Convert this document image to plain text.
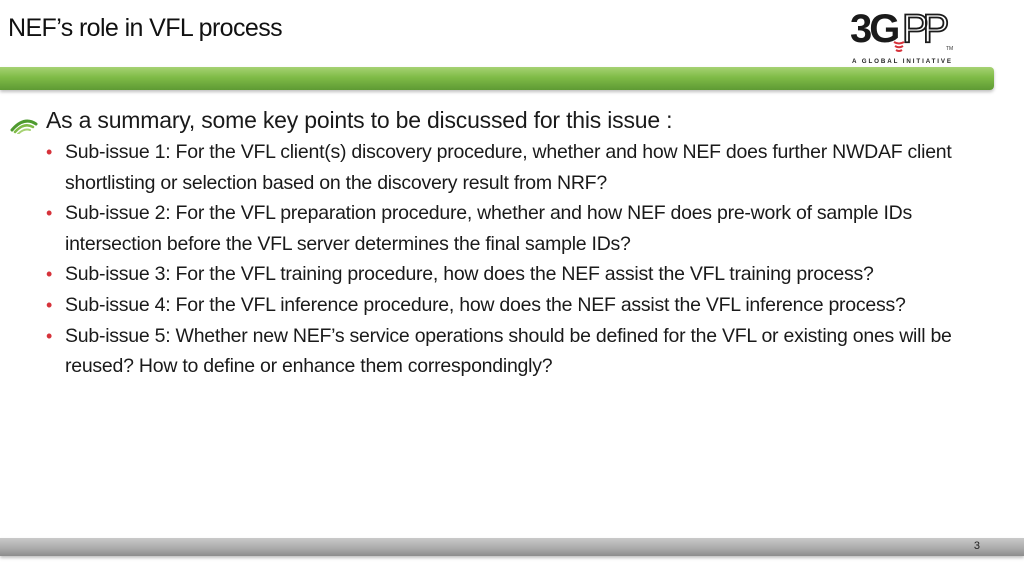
NEF’s role in VFL process	3G PP TM
A GLOBAL INITIATIVE
As a summary, some key points to be discussed for this issue :
• Sub-issue 1: For the VFL client(s) discovery procedure, whether and how NEF does further NWDAF client shortlisting or selection based on the discovery result from NRF?
• Sub-issue 2: For the VFL preparation procedure, whether and how NEF does pre-work of sample IDs intersection before the VFL server determines the final sample IDs?
• Sub-issue 3: For the VFL training procedure, how does the NEF assist the VFL training process?
• Sub-issue 4: For the VFL inference procedure, how does the NEF assist the VFL inference process?
• Sub-issue 5: Whether new NEF’s service operations should be defined for the VFL or existing ones will be reused? How to define or enhance them correspondingly?
3
